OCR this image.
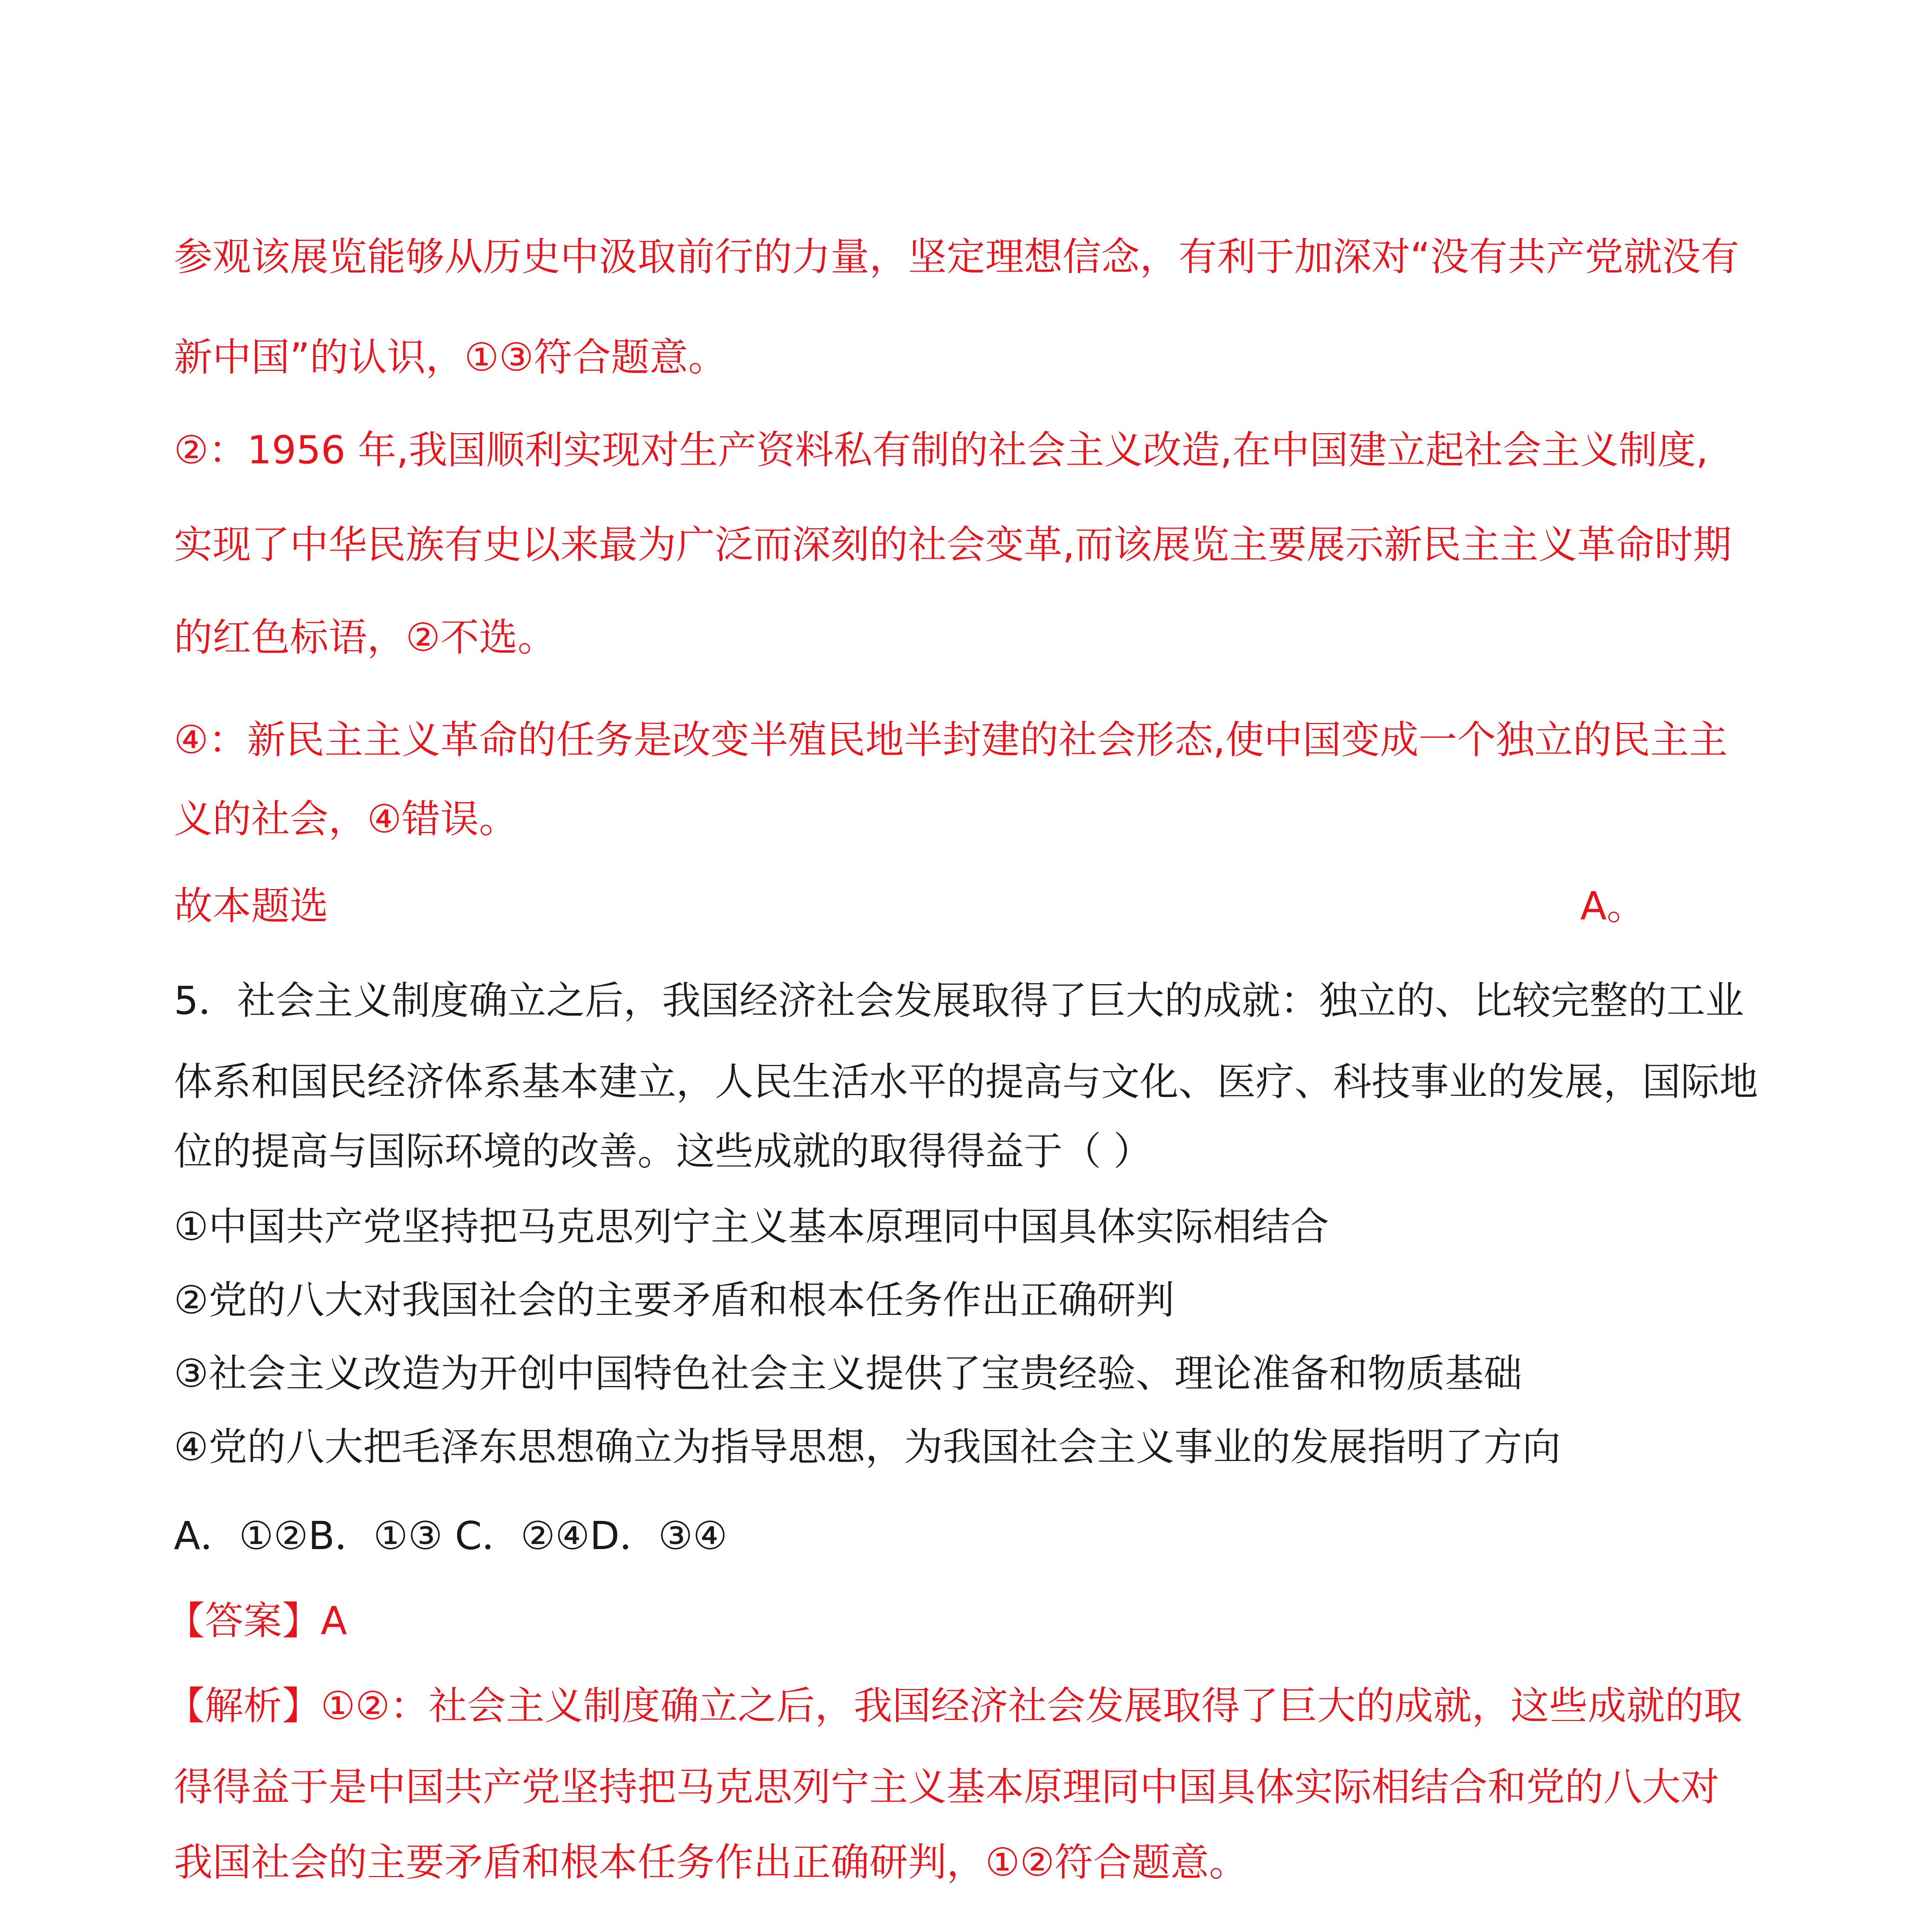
参观该展览能够从历史中汲取前行的力量，坚定理想信念，有利于加深对“没有共产党就没有
新中国”的认识，①③符合题意。
②：1956 年,我国顺利实现对生产资料私有制的社会主义改造,在中国建立起社会主义制度,
实现了中华民族有史以来最为广泛而深刻的社会变革,而该展览主要展示新民主主义革命时期
的红色标语，②不选。
④：新民主主义革命的任务是改变半殖民地半封建的社会形态,使中国变成一个独立的民主主
义的社会，④错误。
故本题选	A。
5．社会主义制度确立之后，我国经济社会发展取得了巨大的成就：独立的、比较完整的工业
体系和国民经济体系基本建立，人民生活水平的提高与文化、医疗、科技事业的发展，国际地
位的提高与国际环境的改善。这些成就的取得得益于（ ）
①中国共产党坚持把马克思列宁主义基本原理同中国具体实际相结合
②党的八大对我国社会的主要矛盾和根本任务作出正确研判
③社会主义改造为开创中国特色社会主义提供了宝贵经验、理论准备和物质基础
④党的八大把毛泽东思想确立为指导思想，为我国社会主义事业的发展指明了方向
A．①②B．①③ C．②④D．③④
【答案】A
【解析】①②：社会主义制度确立之后，我国经济社会发展取得了巨大的成就，这些成就的取
得得益于是中国共产党坚持把马克思列宁主义基本原理同中国具体实际相结合和党的八大对
我国社会的主要矛盾和根本任务作出正确研判，①②符合题意。
